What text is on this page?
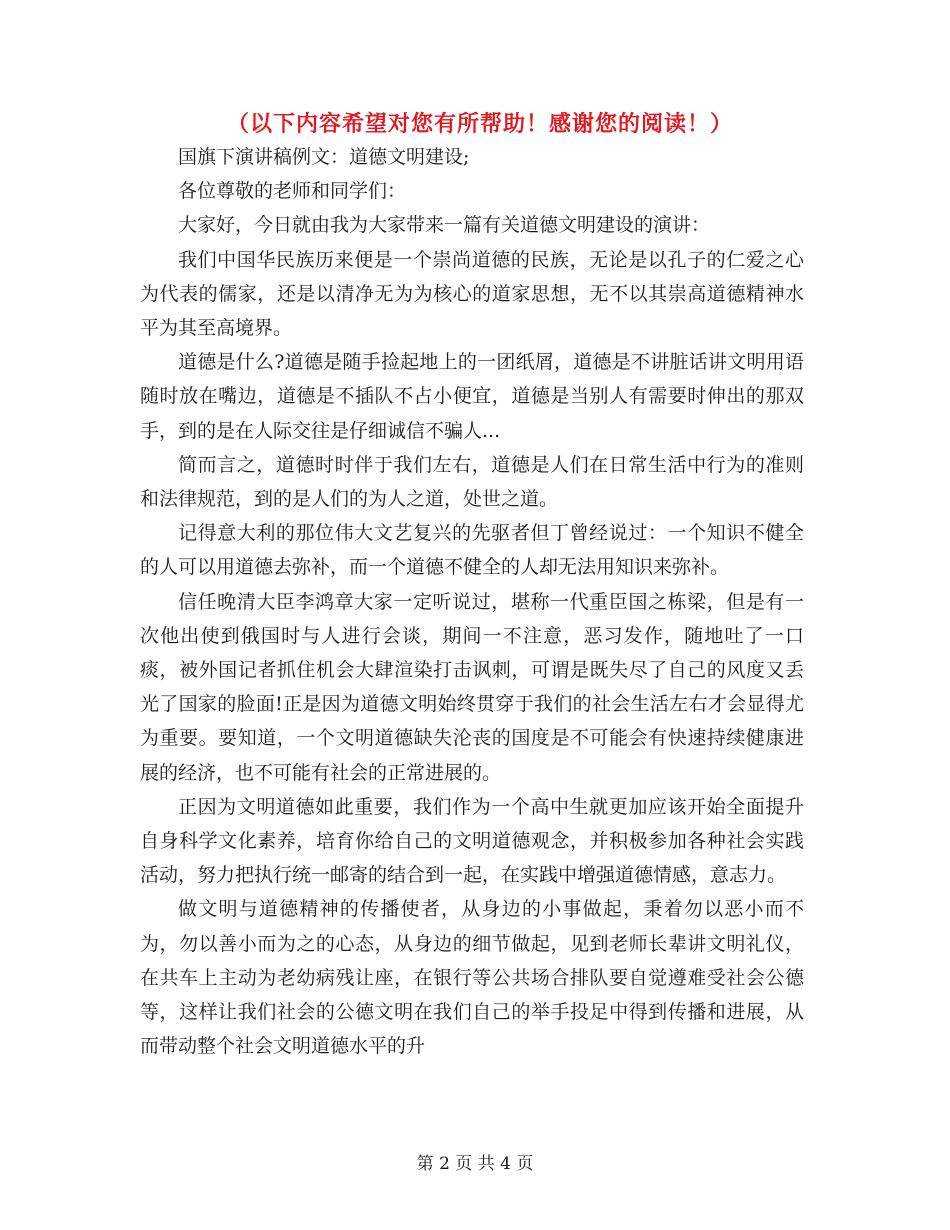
（以下内容希望对您有所帮助！感谢您的阅读！）

国旗下演讲稿例文：道德文明建设;

各位尊敬的老师和同学们：

大家好，今日就由我为大家带来一篇有关道德文明建设的演讲：

我们中国华民族历来便是一个崇尚道德的民族，无论是以孔子的仁爱之心为代表的儒家，还是以清净无为为核心的道家思想，无不以其崇高道德精神水平为其至高境界。

道德是什么?道德是随手捡起地上的一团纸屑，道德是不讲脏话讲文明用语随时放在嘴边，道德是不插队不占小便宜，道德是当别人有需要时伸出的那双手，到的是在人际交往是仔细诚信不骗人...

简而言之，道德时时伴于我们左右，道德是人们在日常生活中行为的准则和法律规范，到的是人们的为人之道，处世之道。

记得意大利的那位伟大文艺复兴的先驱者但丁曾经说过：一个知识不健全的人可以用道德去弥补，而一个道德不健全的人却无法用知识来弥补。

信任晚清大臣李鸿章大家一定听说过，堪称一代重臣国之栋梁，但是有一次他出使到俄国时与人进行会谈，期间一不注意，恶习发作，随地吐了一口痰，被外国记者抓住机会大肆渲染打击讽刺，可谓是既失尽了自己的风度又丢光了国家的脸面!正是因为道德文明始终贯穿于我们的社会生活左右才会显得尤为重要。要知道，一个文明道德缺失沦丧的国度是不可能会有快速持续健康进展的经济，也不可能有社会的正常进展的。

正因为文明道德如此重要，我们作为一个高中生就更加应该开始全面提升自身科学文化素养，培育你给自己的文明道德观念，并积极参加各种社会实践活动，努力把执行统一邮寄的结合到一起，在实践中增强道德情感，意志力。

做文明与道德精神的传播使者，从身边的小事做起，秉着勿以恶小而不为，勿以善小而为之的心态，从身边的细节做起，见到老师长辈讲文明礼仪，在共车上主动为老幼病残让座，在银行等公共场合排队要自觉遵难受社会公德等，这样让我们社会的公德文明在我们自己的举手投足中得到传播和进展，从而带动整个社会文明道德水平的升

第 2 页 共 4 页
